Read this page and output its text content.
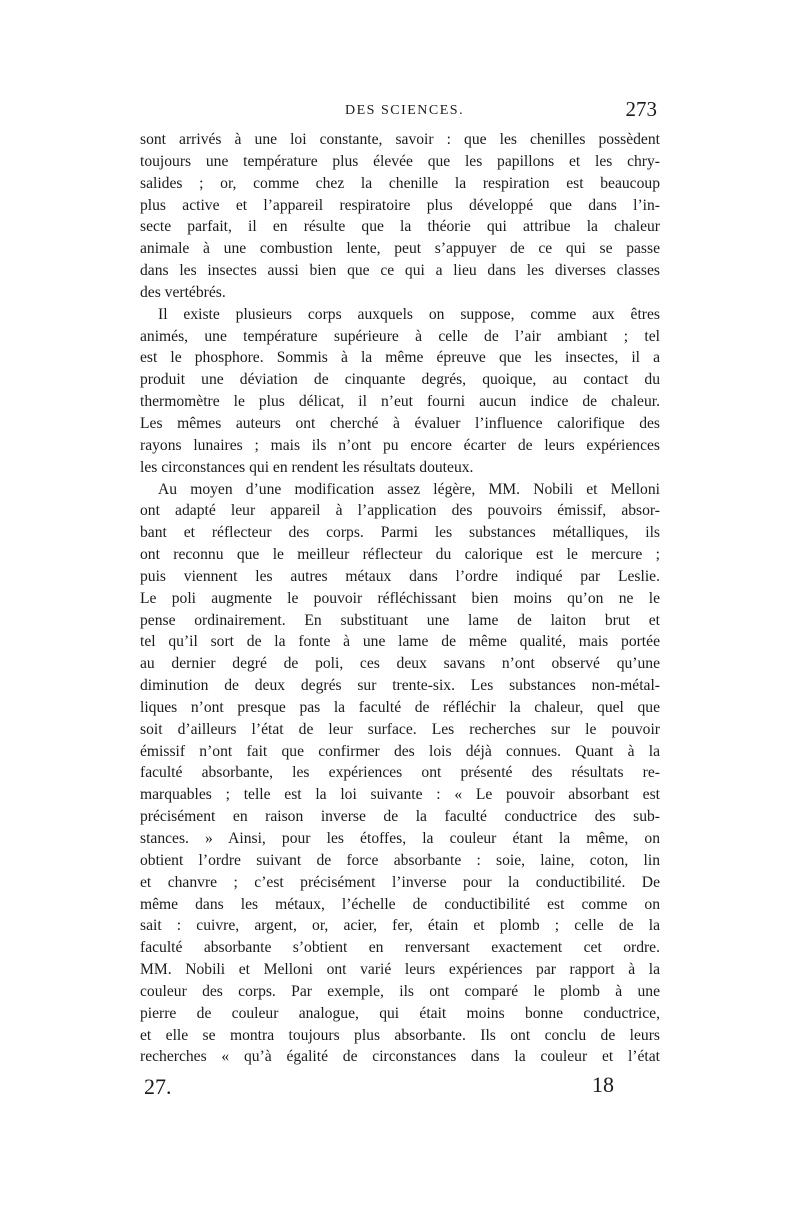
DES SCIENCES.	273

sont arrivés à une loi constante, savoir : que les chenilles possèdent
toujours une température plus élevée que les papillons et les chry-
salides ; or, comme chez la chenille la respiration est beaucoup
plus active et l’appareil respiratoire plus développé que dans l’in-
secte parfait, il en résulte que la théorie qui attribue la chaleur
animale à une combustion lente, peut s’appuyer de ce qui se passe
dans les insectes aussi bien que ce qui a lieu dans les diverses classes
des vertébrés.

Il existe plusieurs corps auxquels on suppose, comme aux êtres
animés, une température supérieure à celle de l’air ambiant ; tel
est le phosphore. Sommis à la même épreuve que les insectes, il a
produit une déviation de cinquante degrés, quoique, au contact du
thermomètre le plus délicat, il n’eut fourni aucun indice de chaleur.
Les mêmes auteurs ont cherché à évaluer l’influence calorifique des
rayons lunaires ; mais ils n’ont pu encore écarter de leurs expériences
les circonstances qui en rendent les résultats douteux.

Au moyen d’une modification assez légère, MM. Nobili et Melloni
ont adapté leur appareil à l’application des pouvoirs émissif, absor-
bant et réflecteur des corps. Parmi les substances métalliques, ils
ont reconnu que le meilleur réflecteur du calorique est le mercure ;
puis viennent les autres métaux dans l’ordre indiqué par Leslie.
Le poli augmente le pouvoir réfléchissant bien moins qu’on ne le
pense ordinairement. En substituant une lame de laiton brut et
tel qu’il sort de la fonte à une lame de même qualité, mais portée
au dernier degré de poli, ces deux savans n’ont observé qu’une
diminution de deux degrés sur trente-six. Les substances non-métal-
liques n’ont presque pas la faculté de réfléchir la chaleur, quel que
soit d’ailleurs l’état de leur surface. Les recherches sur le pouvoir
émissif n’ont fait que confirmer des lois déjà connues. Quant à la
faculté absorbante, les expériences ont présenté des résultats re-
marquables ; telle est la loi suivante : « Le pouvoir absorbant est
précisément en raison inverse de la faculté conductrice des sub-
stances. » Ainsi, pour les étoffes, la couleur étant la même, on
obtient l’ordre suivant de force absorbante : soie, laine, coton, lin
et chanvre ; c’est précisément l’inverse pour la conductibilité. De
même dans les métaux, l’échelle de conductibilité est comme on
sait : cuivre, argent, or, acier, fer, étain et plomb ; celle de la
faculté absorbante s’obtient en renversant exactement cet ordre.
MM. Nobili et Melloni ont varié leurs expériences par rapport à la
couleur des corps. Par exemple, ils ont comparé le plomb à une
pierre de couleur analogue, qui était moins bonne conductrice,
et elle se montra toujours plus absorbante. Ils ont conclu de leurs
recherches « qu’à égalité de circonstances dans la couleur et l’état

27.	18
